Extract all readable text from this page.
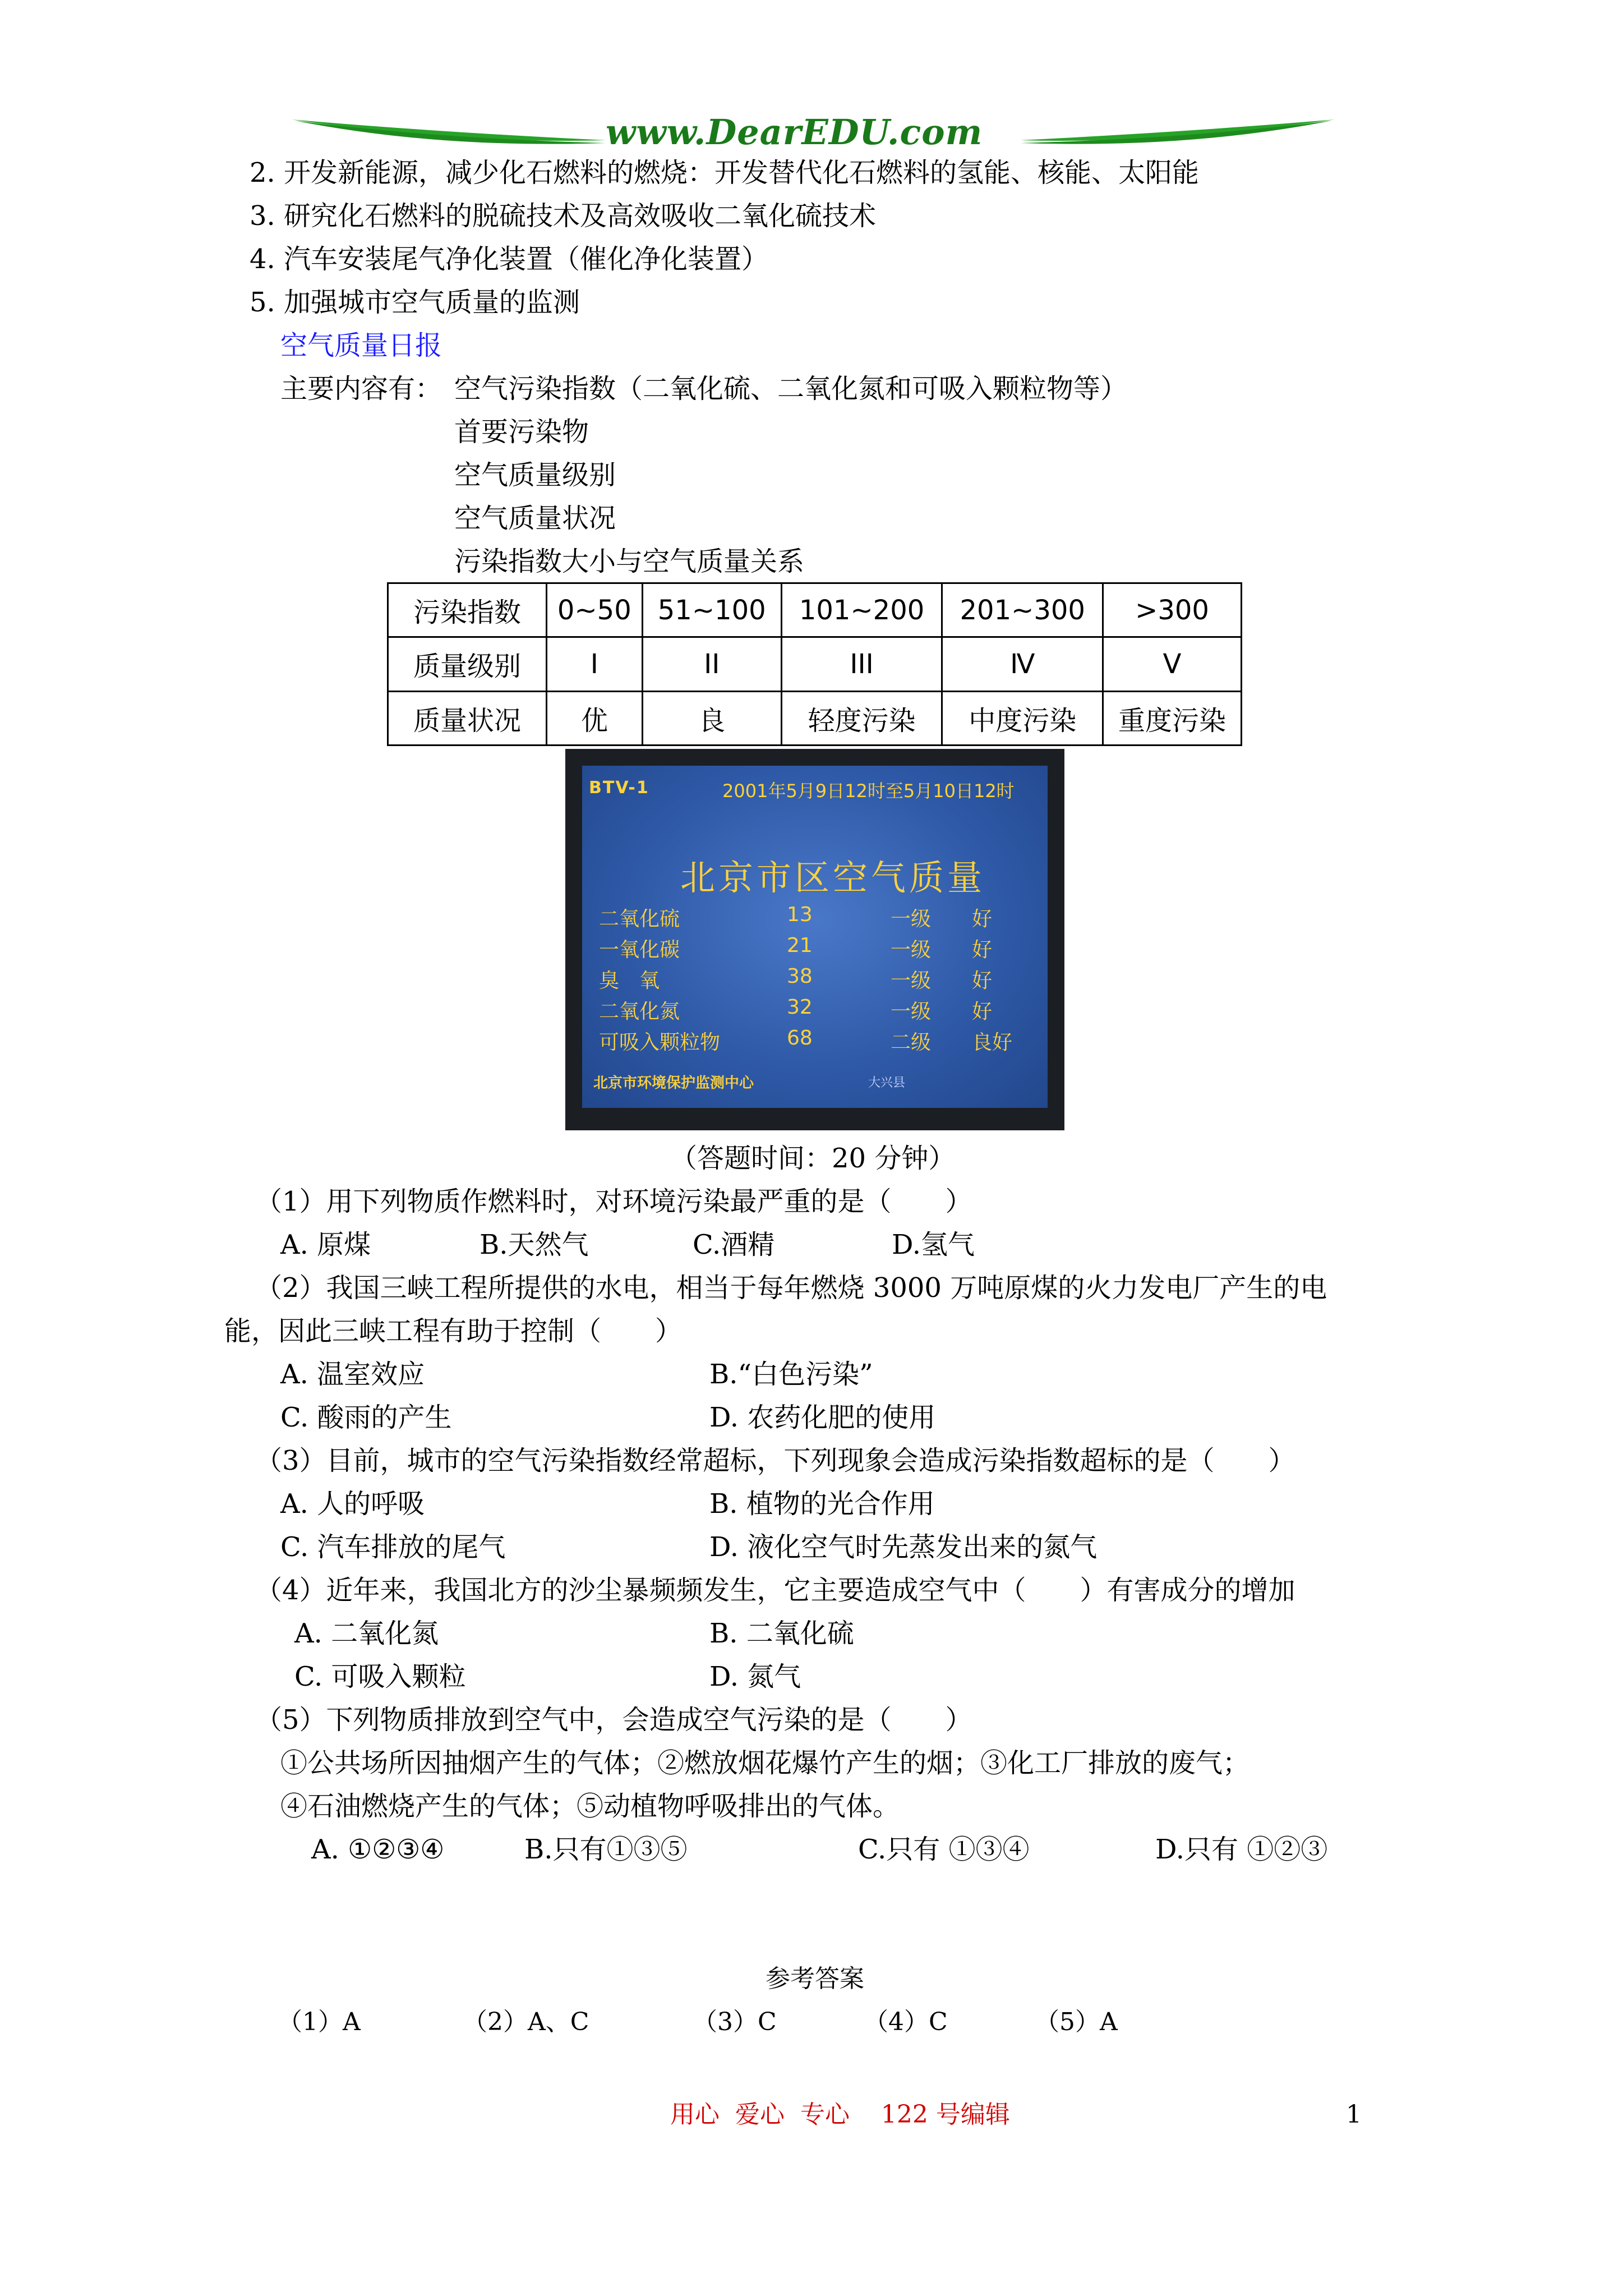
www.DearEDU.com
2. 开发新能源，减少化石燃料的燃烧：开发替代化石燃料的氢能、核能、太阳能
3. 研究化石燃料的脱硫技术及高效吸收二氧化硫技术
4. 汽车安装尾气净化装置（催化净化装置）
5. 加强城市空气质量的监测
空气质量日报
主要内容有： 空气污染指数（二氧化硫、二氧化氮和可吸入颗粒物等）
首要污染物
空气质量级别
空气质量状况
污染指数大小与空气质量关系
污染指数	0~50	51~100	101~200	201~300	>300
质量级别	I	II	III	Ⅳ	V
质量状况	优	良	轻度污染	中度污染	重度污染
BTV-1	2001年5月9日12时至5月10日12时
北京市区空气质量
二氧化硫	13	一级 好
一氧化碳	21	一级 好
臭　氧	38	一级 好
二氧化氮	32	一级 好
可吸入颗粒物	68	二级 良好
北京市环境保护监测中心	大兴县
（答题时间：20 分钟）
（1）用下列物质作燃料时，对环境污染最严重的是（　　）
A. 原煤	B.天然气	C.酒精	D.氢气
（2）我国三峡工程所提供的水电，相当于每年燃烧 3000 万吨原煤的火力发电厂产生的电
能，因此三峡工程有助于控制（　　）
A. 温室效应	B.“白色污染”
C. 酸雨的产生	D. 农药化肥的使用
（3）目前，城市的空气污染指数经常超标，下列现象会造成污染指数超标的是（　　）
A. 人的呼吸	B. 植物的光合作用
C. 汽车排放的尾气	D. 液化空气时先蒸发出来的氮气
（4）近年来，我国北方的沙尘暴频频发生，它主要造成空气中（　　）有害成分的增加
A. 二氧化氮	B. 二氧化硫
C. 可吸入颗粒	D. 氮气
（5）下列物质排放到空气中，会造成空气污染的是（　　）
①公共场所因抽烟产生的气体；②燃放烟花爆竹产生的烟；③化工厂排放的废气；
④石油燃烧产生的气体；⑤动植物呼吸排出的气体。
A. ①②③④	B.只有①③⑤	C.只有 ①③④	D.只有 ①②③
参考答案
（1）A	（2）A、C	（3）C	（4）C	（5）A
用心  爱心  专心    122 号编辑	1
